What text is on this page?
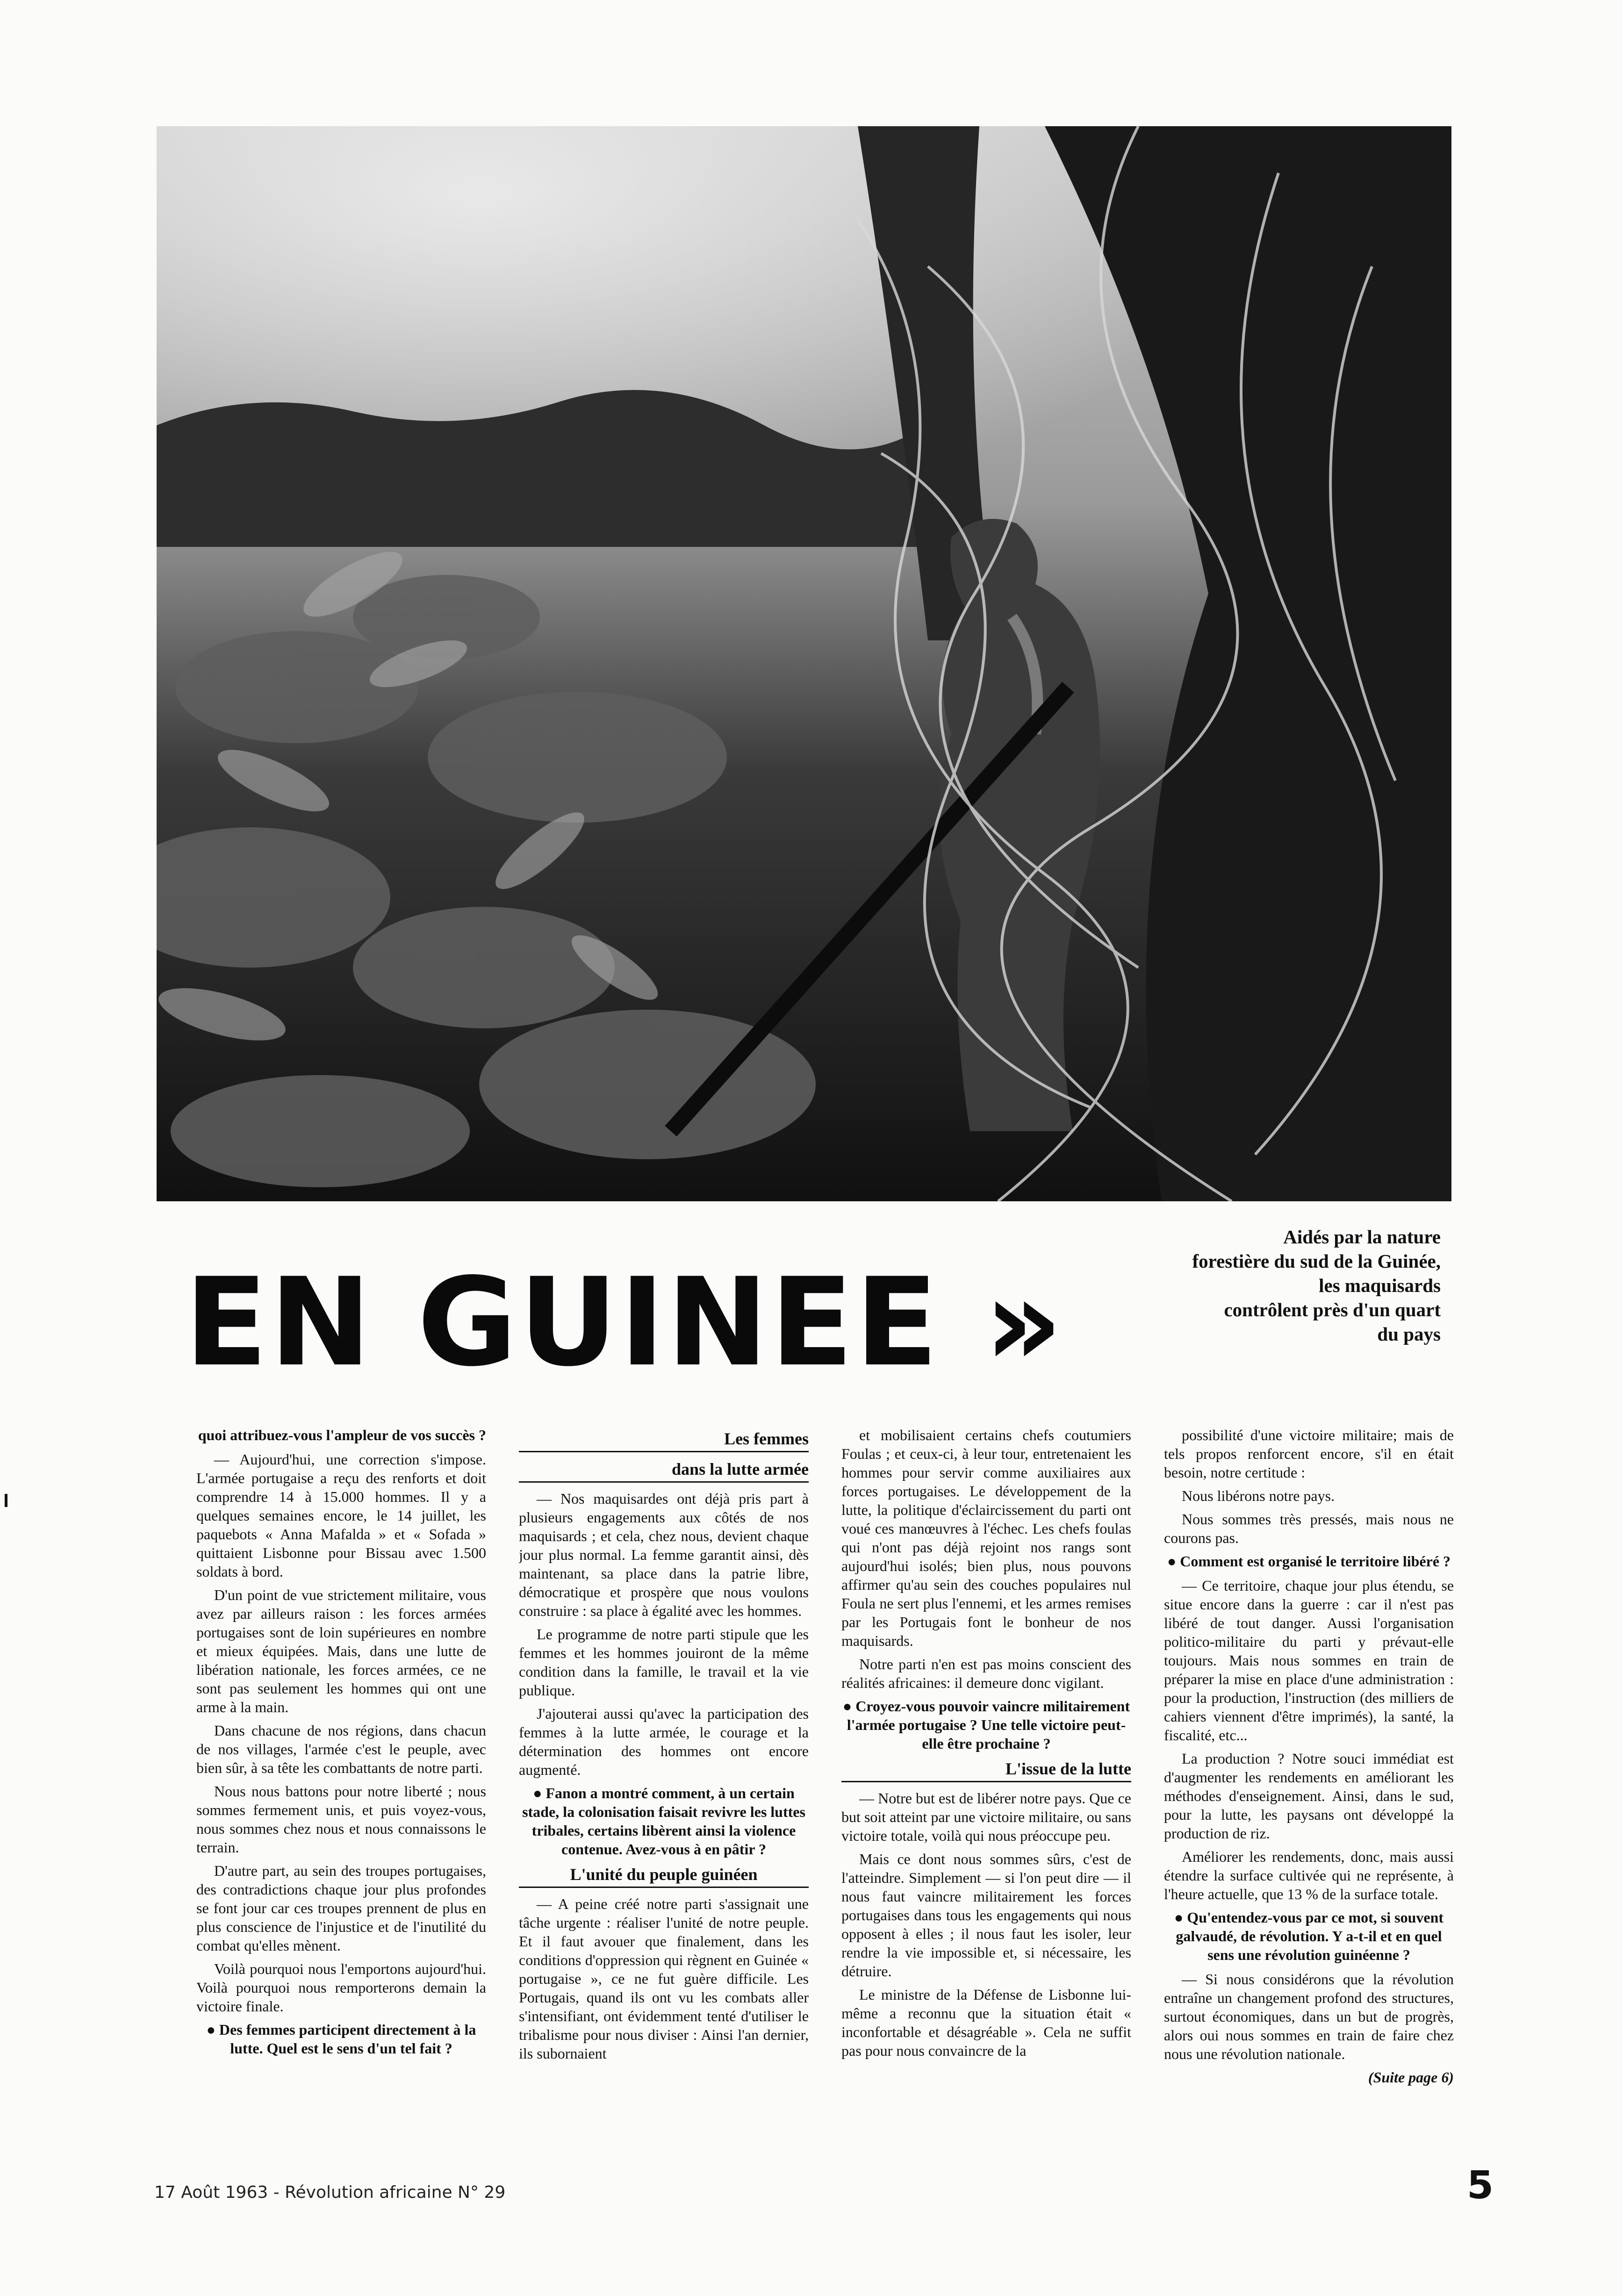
Aidés par la nature
forestière du sud de la Guinée,
les maquisards
contrôlent près d'un quart
du pays
EN GUINEE »

quoi attribuez-vous l'ampleur de vos succès ?

— Aujourd'hui, une correction s'impose. L'armée portugaise a reçu des renforts et doit comprendre 14 à 15.000 hommes. Il y a quelques semaines encore, le 14 juillet, les paquebots « Anna Mafalda » et « Sofada » quittaient Lisbonne pour Bissau avec 1.500 soldats à bord.

D'un point de vue strictement militaire, vous avez par ailleurs raison : les forces armées portugaises sont de loin supérieures en nombre et mieux équipées. Mais, dans une lutte de libération nationale, les forces armées, ce ne sont pas seulement les hommes qui ont une arme à la main.

Dans chacune de nos régions, dans chacun de nos villages, l'armée c'est le peuple, avec bien sûr, à sa tête les combattants de notre parti.

Nous nous battons pour notre liberté ; nous sommes fermement unis, et puis voyez-vous, nous sommes chez nous et nous connaissons le terrain.

D'autre part, au sein des troupes portugaises, des contradictions chaque jour plus profondes se font jour car ces troupes prennent de plus en plus conscience de l'injustice et de l'inutilité du combat qu'elles mènent.

Voilà pourquoi nous l'emportons aujourd'hui. Voilà pourquoi nous remporterons demain la victoire finale.

● Des femmes participent directement à la lutte. Quel est le sens d'un tel fait ?

Les femmes
dans la lutte armée

— Nos maquisardes ont déjà pris part à plusieurs engagements aux côtés de nos maquisards ; et cela, chez nous, devient chaque jour plus normal. La femme garantit ainsi, dès maintenant, sa place dans la patrie libre, démocratique et prospère que nous voulons construire : sa place à égalité avec les hommes.

Le programme de notre parti stipule que les femmes et les hommes jouiront de la même condition dans la famille, le travail et la vie publique.

J'ajouterai aussi qu'avec la participation des femmes à la lutte armée, le courage et la détermination des hommes ont encore augmenté.

● Fanon a montré comment, à un certain stade, la colonisation faisait revivre les luttes tribales, certains libèrent ainsi la violence contenue. Avez-vous à en pâtir ?

L'unité du peuple guinéen

— A peine créé notre parti s'assignait une tâche urgente : réaliser l'unité de notre peuple. Et il faut avouer que finalement, dans les conditions d'oppression qui règnent en Guinée « portugaise », ce ne fut guère difficile. Les Portugais, quand ils ont vu les combats aller s'intensifiant, ont évidemment tenté d'utiliser le tribalisme pour nous diviser : Ainsi l'an dernier, ils subornaient

et mobilisaient certains chefs coutumiers Foulas ; et ceux-ci, à leur tour, entretenaient les hommes pour servir comme auxiliaires aux forces portugaises. Le développement de la lutte, la politique d'éclaircissement du parti ont voué ces manœuvres à l'échec. Les chefs foulas qui n'ont pas déjà rejoint nos rangs sont aujourd'hui isolés; bien plus, nous pouvons affirmer qu'au sein des couches populaires nul Foula ne sert plus l'ennemi, et les armes remises par les Portugais font le bonheur de nos maquisards.

Notre parti n'en est pas moins conscient des réalités africaines: il demeure donc vigilant.

● Croyez-vous pouvoir vaincre militairement l'armée portugaise ? Une telle victoire peut-elle être prochaine ?

L'issue de la lutte

— Notre but est de libérer notre pays. Que ce but soit atteint par une victoire militaire, ou sans victoire totale, voilà qui nous préoccupe peu.

Mais ce dont nous sommes sûrs, c'est de l'atteindre. Simplement — si l'on peut dire — il nous faut vaincre militairement les forces portugaises dans tous les engagements qui nous opposent à elles ; il nous faut les isoler, leur rendre la vie impossible et, si nécessaire, les détruire.

Le ministre de la Défense de Lisbonne lui-même a reconnu que la situation était « inconfortable et désagréable ». Cela ne suffit pas pour nous convaincre de la

possibilité d'une victoire militaire; mais de tels propos renforcent encore, s'il en était besoin, notre certitude :

Nous libérons notre pays.

Nous sommes très pressés, mais nous ne courons pas.

● Comment est organisé le territoire libéré ?

— Ce territoire, chaque jour plus étendu, se situe encore dans la guerre : car il n'est pas libéré de tout danger. Aussi l'organisation politico-militaire du parti y prévaut-elle toujours. Mais nous sommes en train de préparer la mise en place d'une administration : pour la production, l'instruction (des milliers de cahiers viennent d'être imprimés), la santé, la fiscalité, etc...

La production ? Notre souci immédiat est d'augmenter les rendements en améliorant les méthodes d'enseignement. Ainsi, dans le sud, pour la lutte, les paysans ont développé la production de riz.

Améliorer les rendements, donc, mais aussi étendre la surface cultivée qui ne représente, à l'heure actuelle, que 13 % de la surface totale.

● Qu'entendez-vous par ce mot, si souvent galvaudé, de révolution. Y a-t-il et en quel sens une révolution guinéenne ?

— Si nous considérons que la révolution entraîne un changement profond des structures, surtout économiques, dans un but de progrès, alors oui nous sommes en train de faire chez nous une révolution nationale.

(Suite page 6)

17 Août 1963 - Révolution africaine N° 29	5
